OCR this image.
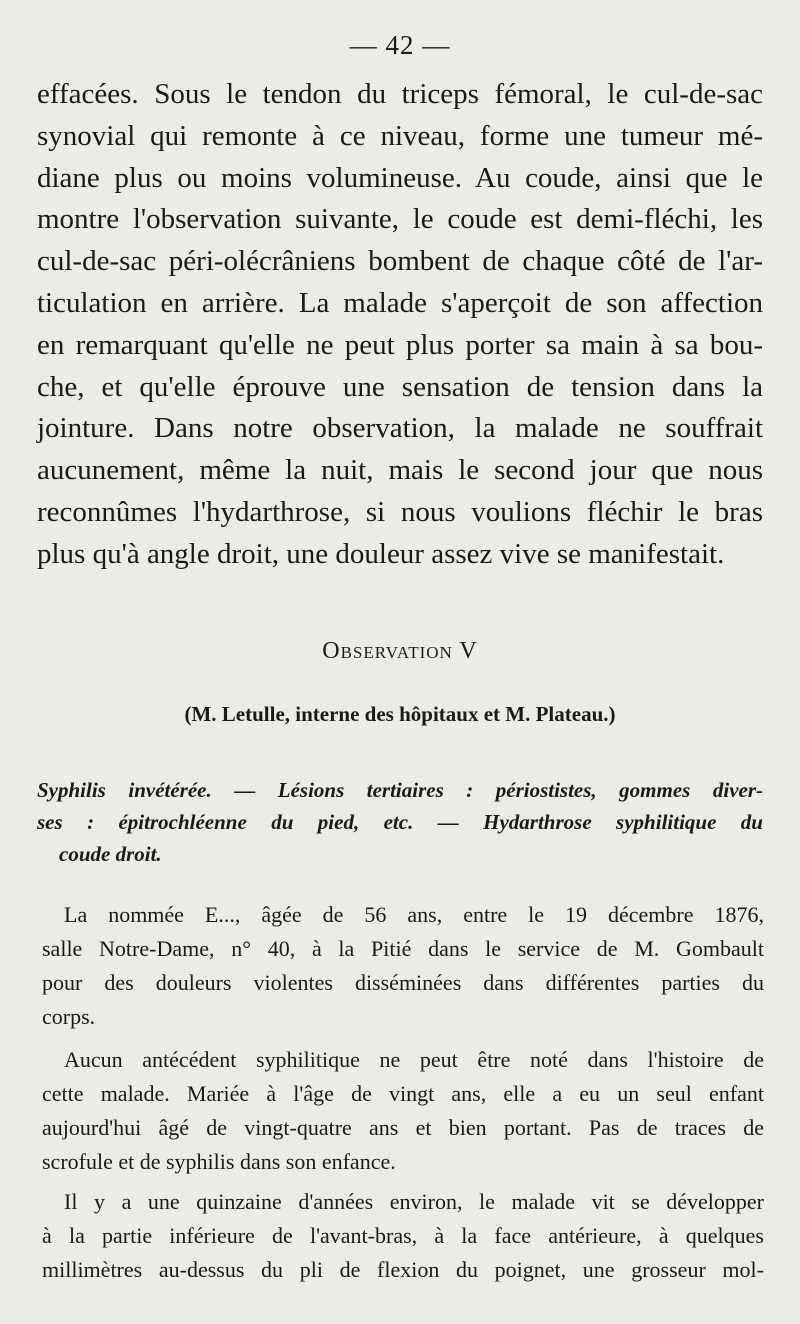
— 42 —
effacées. Sous le tendon du triceps fémoral, le cul-de-sac
synovial qui remonte à ce niveau, forme une tumeur mé-
diane plus ou moins volumineuse. Au coude, ainsi que le
montre l'observation suivante, le coude est demi-fléchi, les
cul-de-sac péri-olécrâniens bombent de chaque côté de l'ar-
ticulation en arrière. La malade s'aperçoit de son affection
en remarquant qu'elle ne peut plus porter sa main à sa bou-
che, et qu'elle éprouve une sensation de tension dans la
jointure. Dans notre observation, la malade ne souffrait
aucunement, même la nuit, mais le second jour que nous
reconnûmes l'hydarthrose, si nous voulions fléchir le bras
plus qu'à angle droit, une douleur assez vive se manifestait.
Observation V
(M. Letulle, interne des hôpitaux et M. Plateau.)
Syphilis invétérée. — Lésions tertiaires : périostistes, gommes diver-
ses : épitrochléenne du pied, etc. — Hydarthrose syphilitique du
coude droit.
La nommée E..., âgée de 56 ans, entre le 19 décembre 1876,
salle Notre-Dame, n° 40, à la Pitié dans le service de M. Gombault
pour des douleurs violentes disséminées dans différentes parties du
corps.
Aucun antécédent syphilitique ne peut être noté dans l'histoire de
cette malade. Mariée à l'âge de vingt ans, elle a eu un seul enfant
aujourd'hui âgé de vingt-quatre ans et bien portant. Pas de traces de
scrofule et de syphilis dans son enfance.
Il y a une quinzaine d'années environ, le malade vit se développer
à la partie inférieure de l'avant-bras, à la face antérieure, à quelques
millimètres au-dessus du pli de flexion du poignet, une grosseur mol-
